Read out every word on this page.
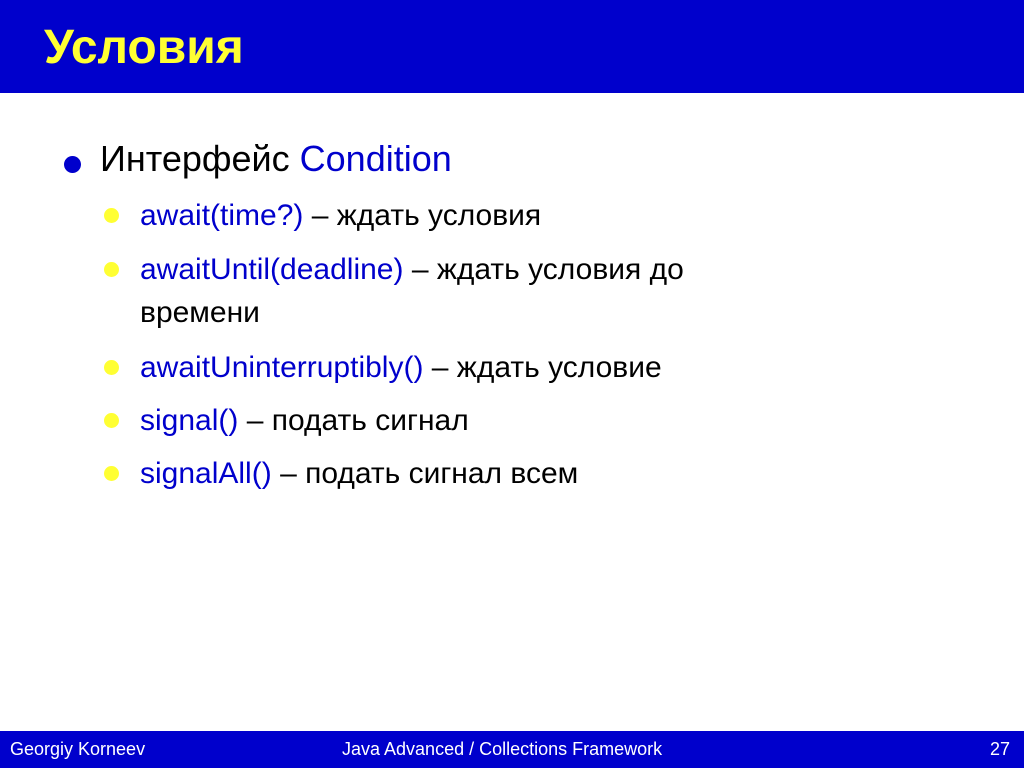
Условия
Интерфейс Condition
await(time?) – ждать условия
awaitUntil(deadline) – ждать условия до
времени
awaitUninterruptibly() – ждать условие
signal() – подать сигнал
signalAll() – подать сигнал всем
Georgiy Korneev	Java Advanced / Collections Framework	27
